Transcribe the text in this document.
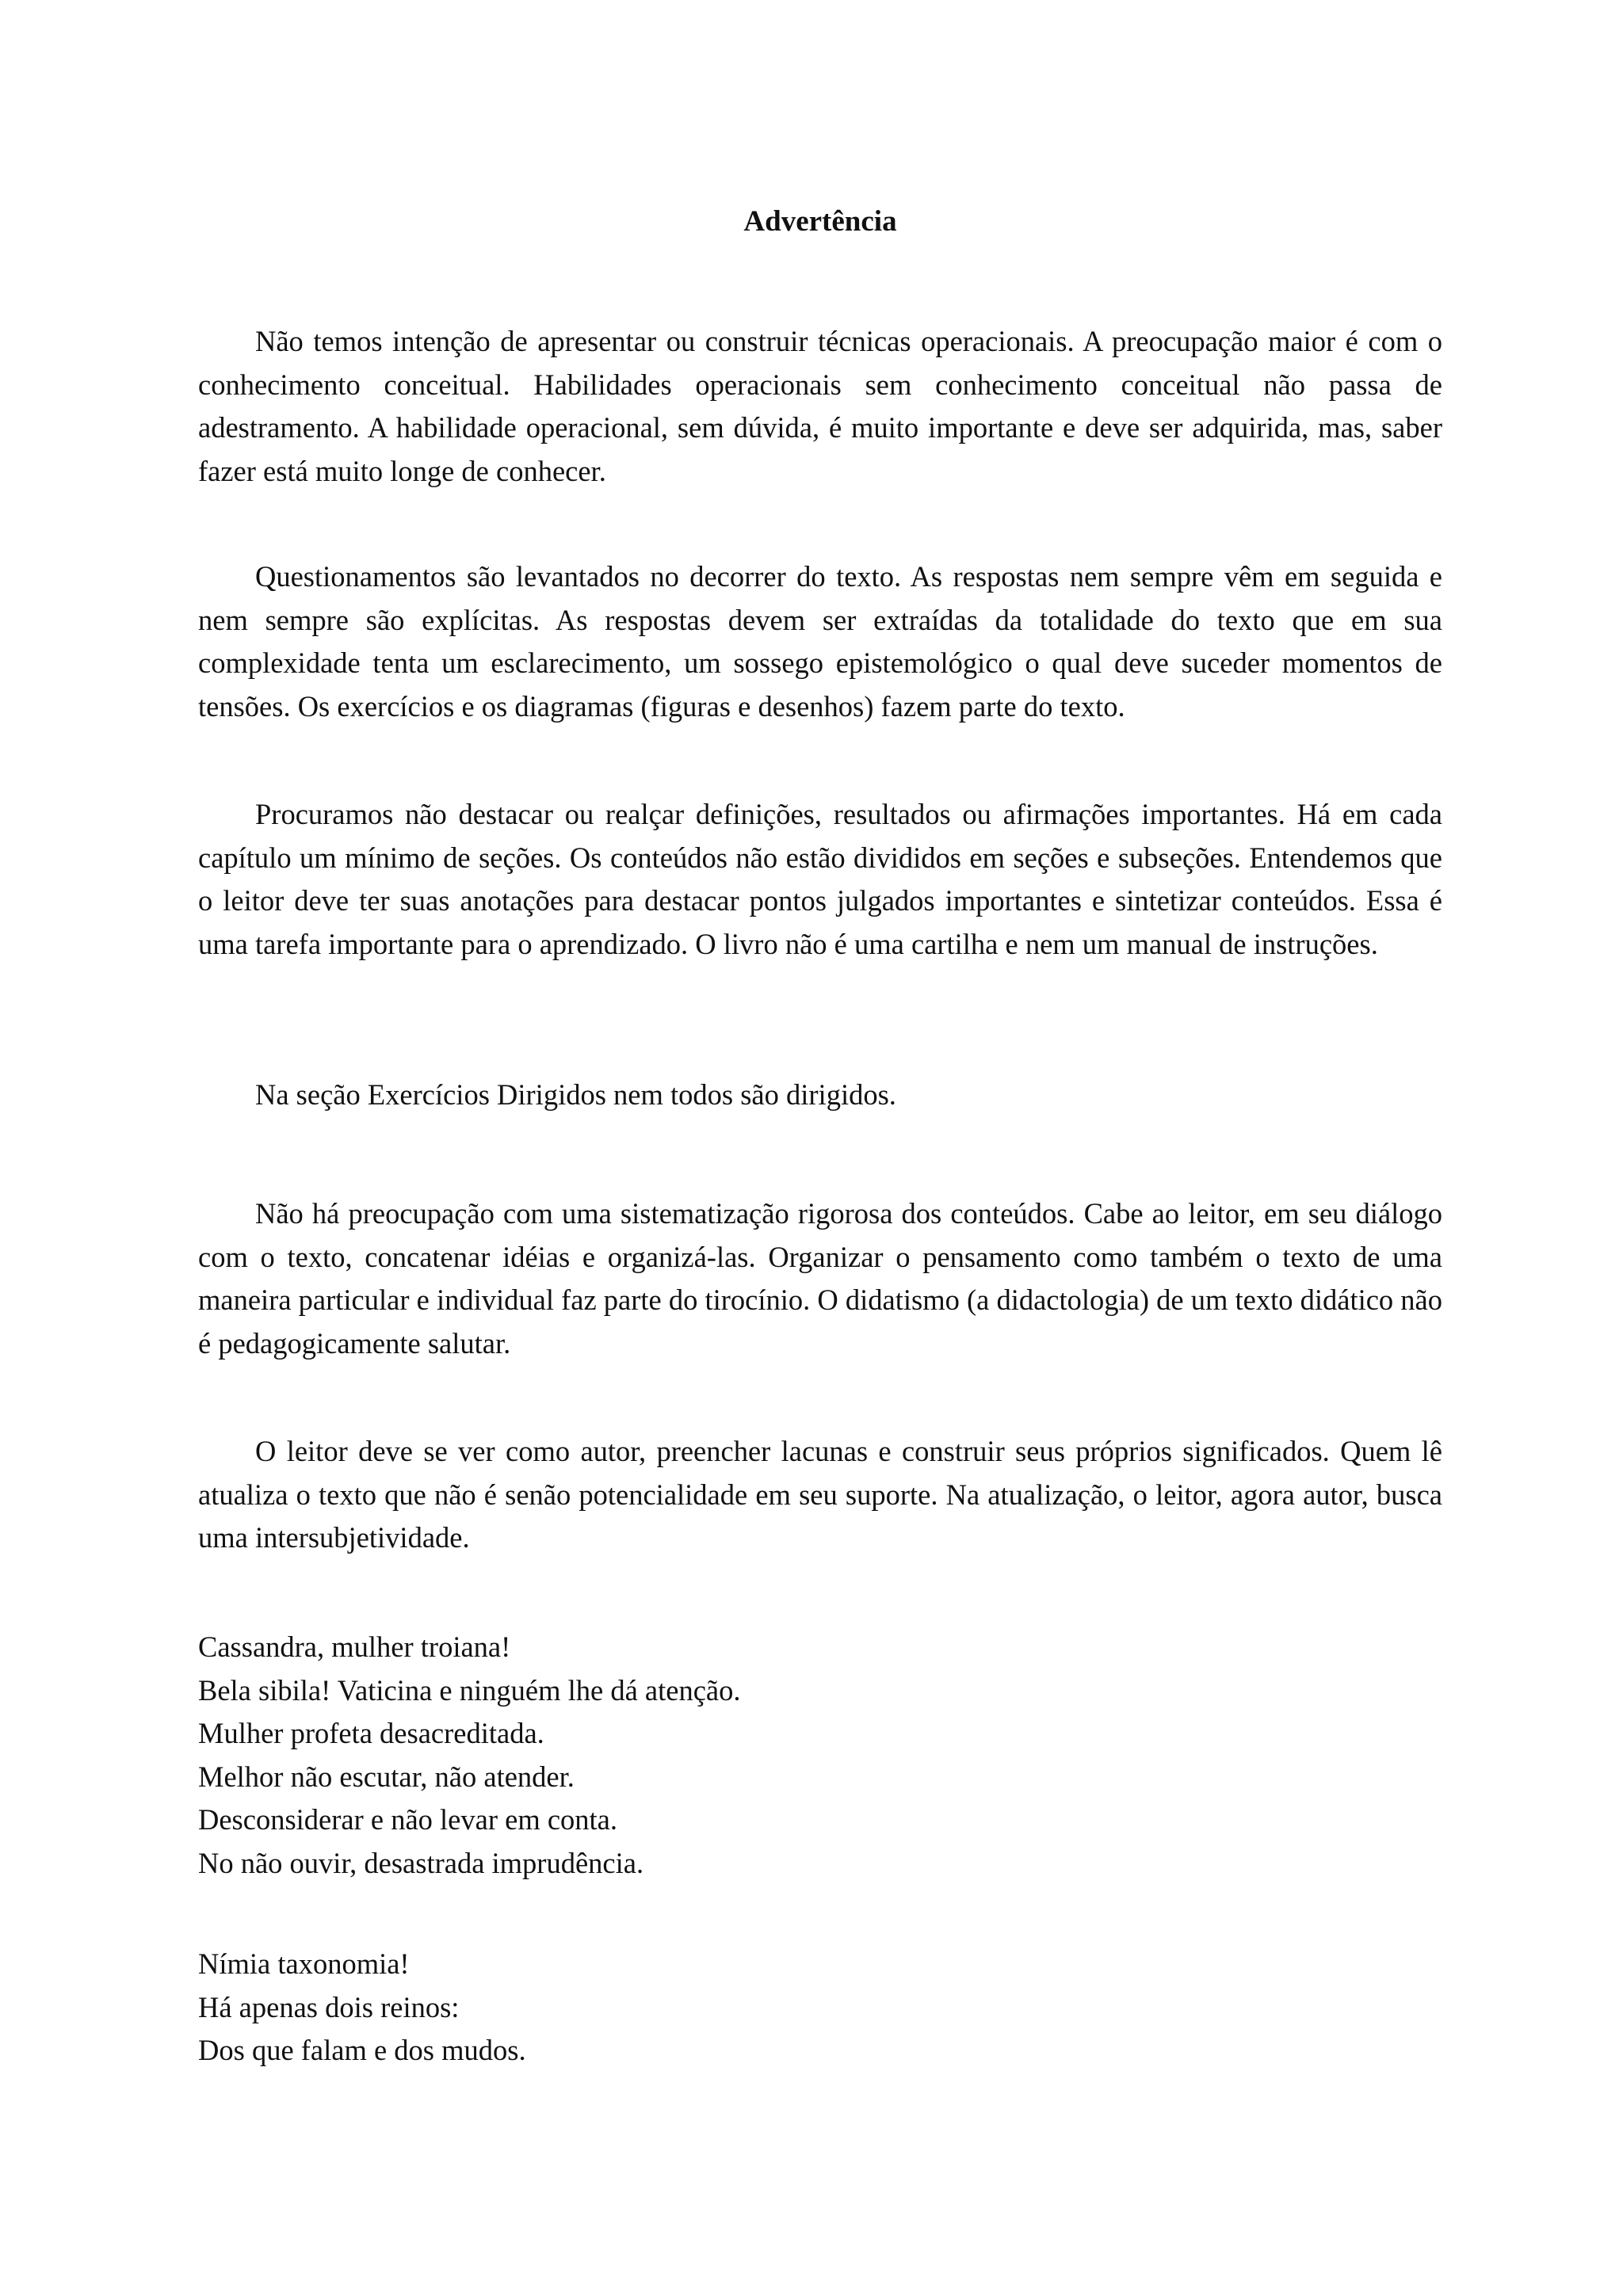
Advertência

Não temos intenção de apresentar ou construir técnicas operacionais. A preocupação maior é com o conhecimento conceitual. Habilidades operacionais sem conhecimento conceitual não passa de adestramento. A habilidade operacional, sem dúvida, é muito importante e deve ser adquirida, mas, saber fazer está muito longe de conhecer.

Questionamentos são levantados no decorrer do texto. As respostas nem sempre vêm em seguida e nem sempre são explícitas. As respostas devem ser extraídas da totalidade do texto que em sua complexidade tenta um esclarecimento, um sossego epistemológico o qual deve suceder momentos de tensões. Os exercícios e os diagramas (figuras e desenhos) fazem parte do texto.

Procuramos não destacar ou realçar definições, resultados ou afirmações importantes. Há em cada capítulo um mínimo de seções. Os conteúdos não estão divididos em seções e subseções. Entendemos que o leitor deve ter suas anotações para destacar pontos julgados importantes e sintetizar conteúdos. Essa é uma tarefa importante para o aprendizado. O livro não é uma cartilha e nem um manual de instruções.

Na seção Exercícios Dirigidos nem todos são dirigidos.

Não há preocupação com uma sistematização rigorosa dos conteúdos. Cabe ao leitor, em seu diálogo com o texto, concatenar idéias e organizá-las. Organizar o pensamento como também o texto de uma maneira particular e individual faz parte do tirocínio. O didatismo (a didactologia) de um texto didático não é pedagogicamente salutar.

O leitor deve se ver como autor, preencher lacunas e construir seus próprios significados. Quem lê atualiza o texto que não é senão potencialidade em seu suporte. Na atualização, o leitor, agora autor, busca uma intersubjetividade.

Cassandra, mulher troiana!
Bela sibila! Vaticina e ninguém lhe dá atenção.
Mulher profeta desacreditada.
Melhor não escutar, não atender.
Desconsiderar e não levar em conta.
No não ouvir, desastrada imprudência.
Nímia taxonomia!
Há apenas dois reinos:
Dos que falam e dos mudos.
